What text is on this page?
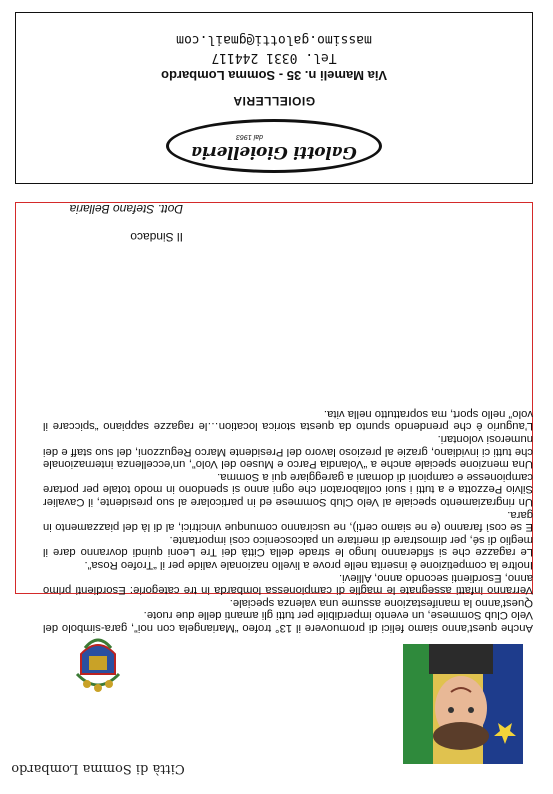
Città di Somma Lombardo

Anche quest’anno siamo felici di promuovere il 13° trofeo “Mariangela con noi”, gara-simbolo del Velo Club Sommese, un evento imperdibile per tutti gli amanti delle due ruote.

Quest’anno la manifestazione assume una valenza speciale.

Verranno infatti assegnate le maglie di campionessa lombarda in tre categorie: Esordienti primo anno, Esordienti secondo anno, Allievi.

Inoltre la competizione è inserita nelle prove a livello nazionale valide per il “Trofeo Rosa”.

Le ragazze che si sfideranno lungo le strade della Città dei Tre Leoni quindi dovranno dare il meglio di sé, per dimostrare di meritare un palcoscenico così importante.

E se così faranno (e ne siamo certi), ne usciranno comunque vincitrici, al di là del piazzamento in gara.

Un ringraziamento speciale al Velo Club Sommese ed in particolare al suo presidente, il Cavalier Silvio Pezzotta e a tutti i suoi collaboratori che ogni anno si spendono in modo totale per portare campionesse e campioni di domani a gareggiare qui a Somma.

Una menzione speciale anche a “Volandia Parco e Museo del Volo”, un’eccellenza internazionale che tutti ci invidiano, grazie al prezioso lavoro del Presidente Marco Reguzzoni, del suo staff e dei numerosi volontari.

L’augurio è che prendendo spunto da questa storica location…le ragazze sappiano “spiccare il volo” nello sport, ma soprattutto nella vita.

Il Sindaco
Dott. Stefano Bellaria
Galotti Gioielleria
dal 1963
GIOIELLERIA
Via Mameli n. 35 - Somma Lombardo
Tel. 0331 244117
massimo.galotti@gmail.com
